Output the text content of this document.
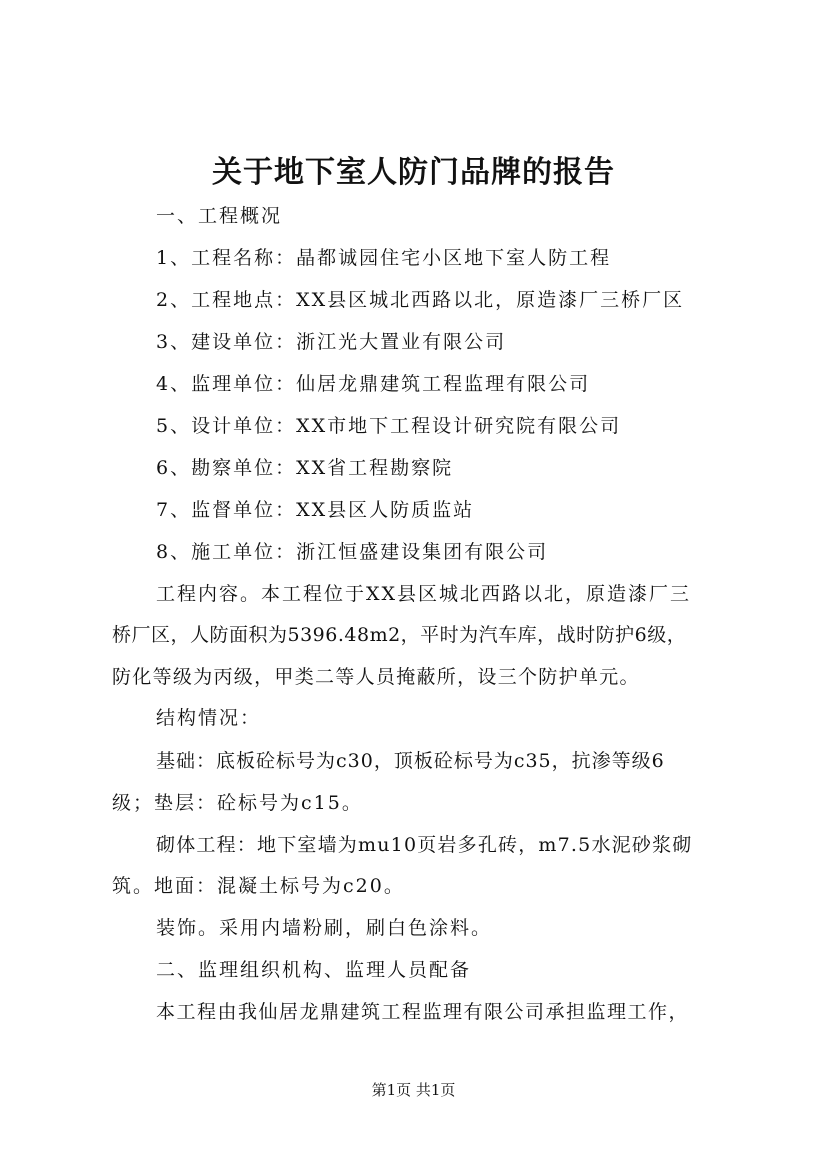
关于地下室人防门品牌的报告
一、工程概况
1、工程名称：晶都诚园住宅小区地下室人防工程
2、工程地点：XX县区城北西路以北，原造漆厂三桥厂区
3、建设单位：浙江光大置业有限公司
4、监理单位：仙居龙鼎建筑工程监理有限公司
5、设计单位：XX市地下工程设计研究院有限公司
6、勘察单位：XX省工程勘察院
7、监督单位：XX县区人防质监站
8、施工单位：浙江恒盛建设集团有限公司
工程内容。本工程位于XX县区城北西路以北，原造漆厂三
桥厂区，人防面积为5396.48m2，平时为汽车库，战时防护6级，
防化等级为丙级，甲类二等人员掩蔽所，设三个防护单元。
结构情况：
基础：底板砼标号为c30，顶板砼标号为c35，抗渗等级6
级；垫层：砼标号为c15。
砌体工程：地下室墙为mu10页岩多孔砖，m7.5水泥砂浆砌
筑。地面：混凝土标号为c20。
装饰。采用内墙粉刷，刷白色涂料。
二、监理组织机构、监理人员配备
本工程由我仙居龙鼎建筑工程监理有限公司承担监理工作，
第1页 共1页
